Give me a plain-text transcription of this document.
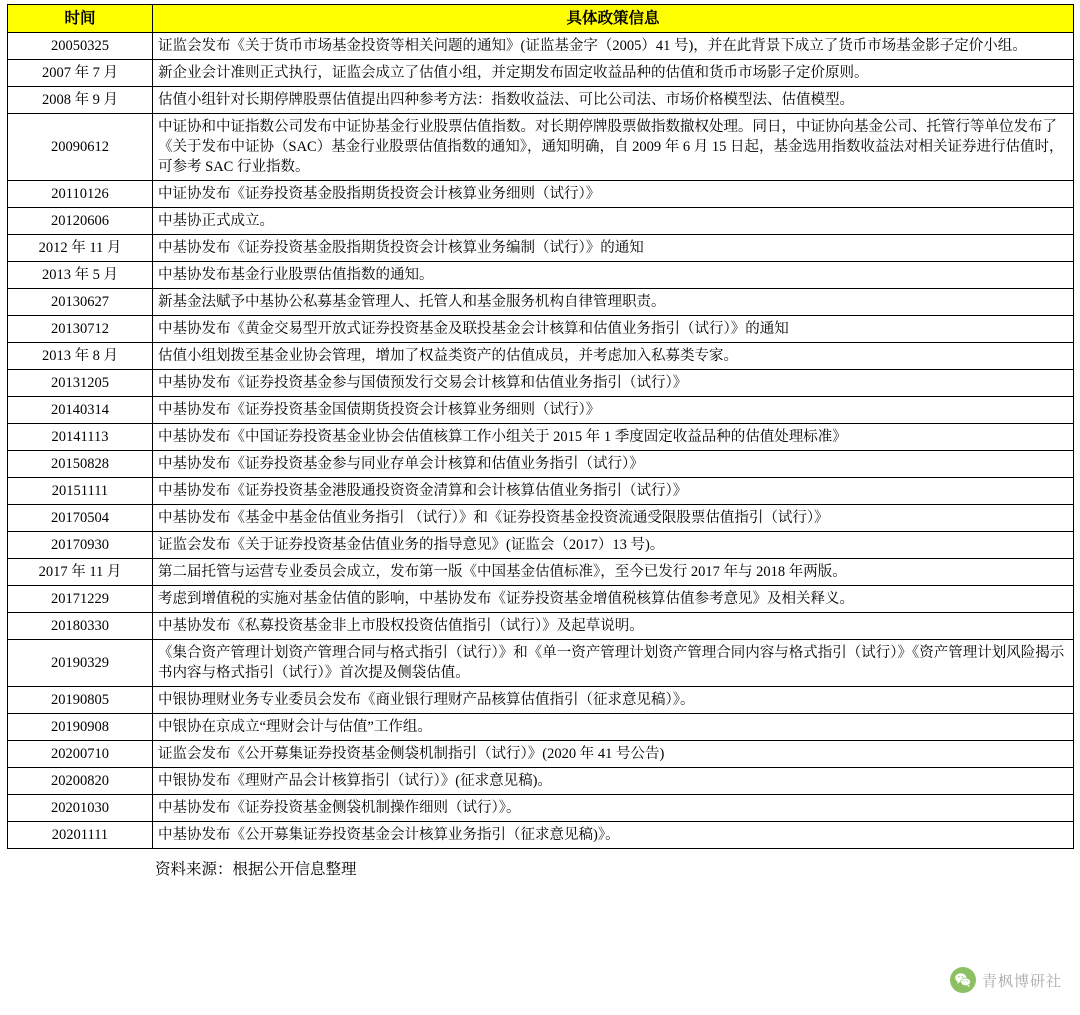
时间	具体政策信息
20050325	证监会发布《关于货币市场基金投资等相关问题的通知》(证监基金字（2005）41 号)，并在此背景下成立了货币市场基金影子定价小组。
2007 年 7 月	新企业会计准则正式执行，证监会成立了估值小组，并定期发布固定收益品种的估值和货币市场影子定价原则。
2008 年 9 月	估值小组针对长期停牌股票估值提出四种参考方法：指数收益法、可比公司法、市场价格模型法、估值模型。
20090612	中证协和中证指数公司发布中证协基金行业股票估值指数。对长期停牌股票做指数撤权处理。同日，中证协向基金公司、托管行等单位发布了《关于发布中证协（SAC）基金行业股票估值指数的通知》，通知明确，自 2009 年 6 月 15 日起，基金选用指数收益法对相关证券进行估值时，可参考 SAC 行业指数。
20110126	中证协发布《证券投资基金股指期货投资会计核算业务细则（试行）》
20120606	中基协正式成立。
2012 年 11 月	中基协发布《证券投资基金股指期货投资会计核算业务编制（试行）》的通知
2013 年 5 月	中基协发布基金行业股票估值指数的通知。
20130627	新基金法赋予中基协公私募基金管理人、托管人和基金服务机构自律管理职责。
20130712	中基协发布《黄金交易型开放式证券投资基金及联投基金会计核算和估值业务指引（试行）》的通知
2013 年 8 月	估值小组划拨至基金业协会管理，增加了权益类资产的估值成员，并考虑加入私募类专家。
20131205	中基协发布《证券投资基金参与国债预发行交易会计核算和估值业务指引（试行）》
20140314	中基协发布《证券投资基金国债期货投资会计核算业务细则（试行）》
20141113	中基协发布《中国证券投资基金业协会估值核算工作小组关于 2015 年 1 季度固定收益品种的估值处理标准》
20150828	中基协发布《证券投资基金参与同业存单会计核算和估值业务指引（试行）》
20151111	中基协发布《证券投资基金港股通投资资金清算和会计核算估值业务指引（试行）》
20170504	中基协发布《基金中基金估值业务指引 （试行）》和《证券投资基金投资流通受限股票估值指引（试行）》
20170930	证监会发布《关于证券投资基金估值业务的指导意见》(证监会（2017）13 号)。
2017 年 11 月	第二届托管与运营专业委员会成立，发布第一版《中国基金估值标准》，至今已发行 2017 年与 2018 年两版。
20171229	考虑到增值税的实施对基金估值的影响，中基协发布《证券投资基金增值税核算估值参考意见》及相关释义。
20180330	中基协发布《私募投资基金非上市股权投资估值指引（试行）》及起草说明。
20190329	《集合资产管理计划资产管理合同与格式指引（试行）》和《单一资产管理计划资产管理合同内容与格式指引（试行）》《资产管理计划风险揭示书内容与格式指引（试行）》首次提及侧袋估值。
20190805	中银协理财业务专业委员会发布《商业银行理财产品核算估值指引（征求意见稿）》。
20190908	中银协在京成立“理财会计与估值”工作组。
20200710	证监会发布《公开募集证券投资基金侧袋机制指引（试行）》(2020 年 41 号公告)
20200820	中银协发布《理财产品会计核算指引（试行）》(征求意见稿)。
20201030	中基协发布《证券投资基金侧袋机制操作细则（试行）》。
20201111	中基协发布《公开募集证券投资基金会计核算业务指引（征求意见稿)》。
资料来源：根据公开信息整理
青枫博研社
